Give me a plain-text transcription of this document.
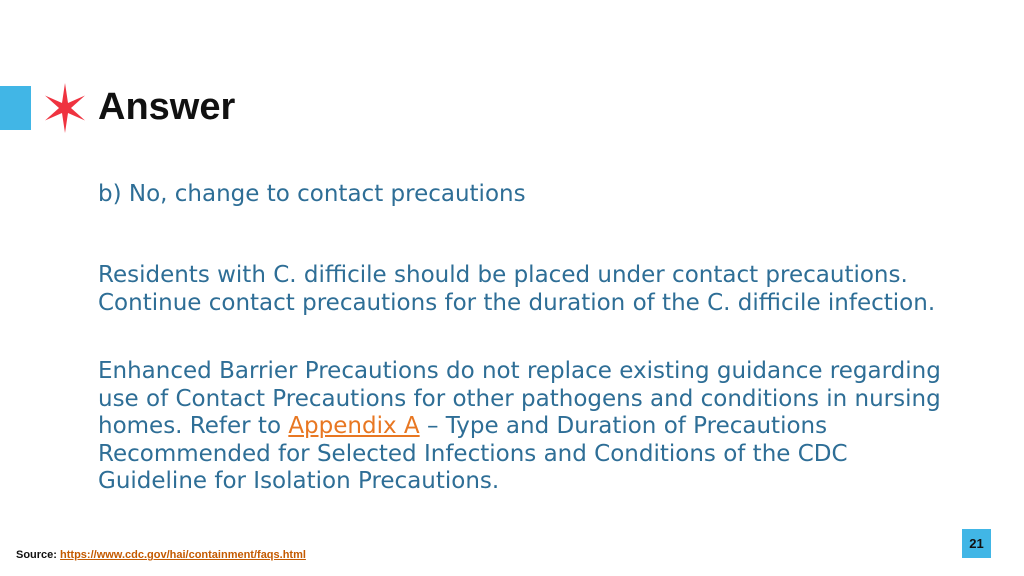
Answer

b) No, change to contact precautions

Residents with C. difficile should be placed under contact precautions. Continue contact precautions for the duration of the C. difficile infection.

Enhanced Barrier Precautions do not replace existing guidance regarding use of Contact Precautions for other pathogens and conditions in nursing homes. Refer to Appendix A – Type and Duration of Precautions Recommended for Selected Infections and Conditions of the CDC Guideline for Isolation Precautions.

21
Source: https://www.cdc.gov/hai/containment/faqs.html
